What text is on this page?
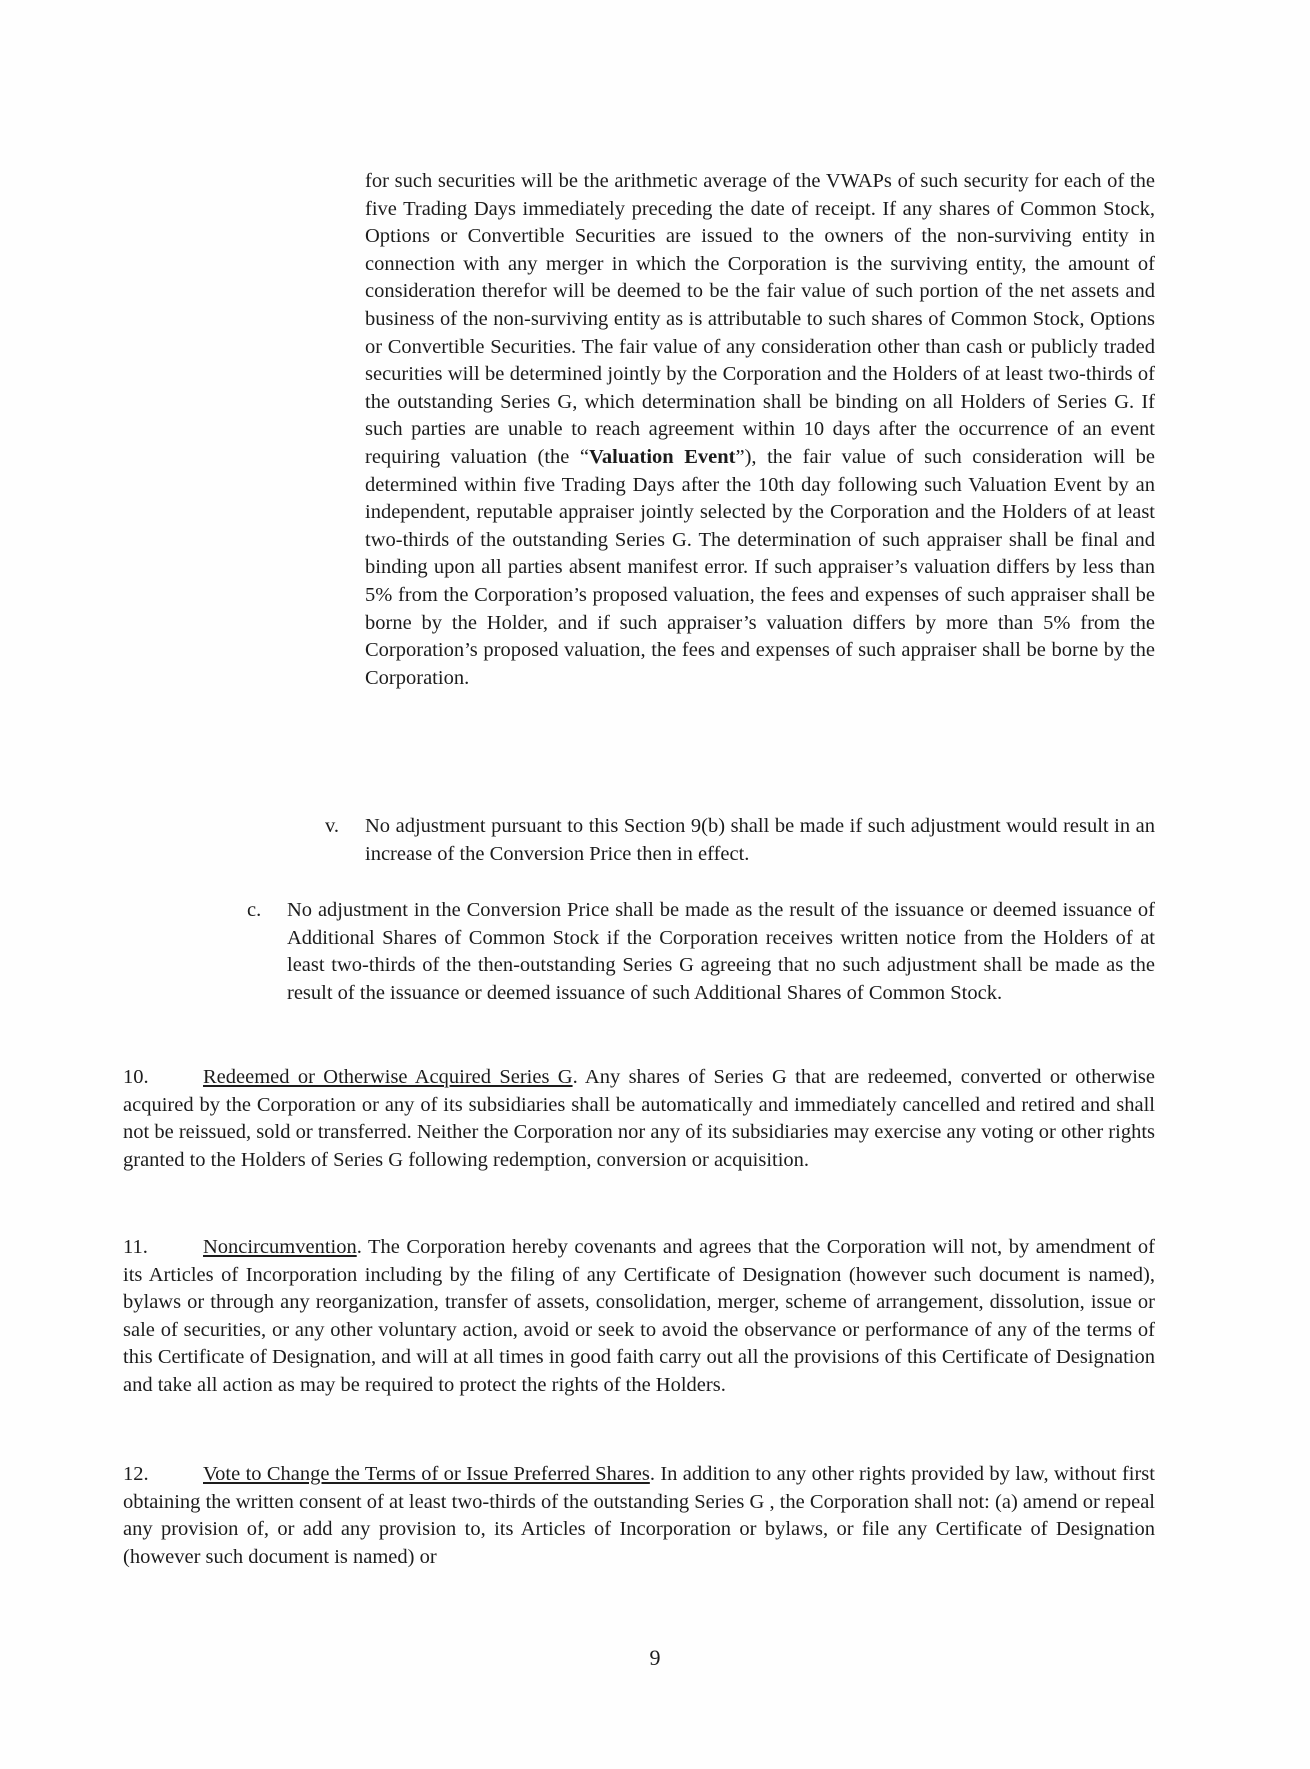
for such securities will be the arithmetic average of the VWAPs of such security for each of the five Trading Days immediately preceding the date of receipt. If any shares of Common Stock, Options or Convertible Securities are issued to the owners of the non-surviving entity in connection with any merger in which the Corporation is the surviving entity, the amount of consideration therefor will be deemed to be the fair value of such portion of the net assets and business of the non-surviving entity as is attributable to such shares of Common Stock, Options or Convertible Securities. The fair value of any consideration other than cash or publicly traded securities will be determined jointly by the Corporation and the Holders of at least two-thirds of the outstanding Series G, which determination shall be binding on all Holders of Series G. If such parties are unable to reach agreement within 10 days after the occurrence of an event requiring valuation (the “Valuation Event”), the fair value of such consideration will be determined within five Trading Days after the 10th day following such Valuation Event by an independent, reputable appraiser jointly selected by the Corporation and the Holders of at least two-thirds of the outstanding Series G. The determination of such appraiser shall be final and binding upon all parties absent manifest error. If such appraiser’s valuation differs by less than 5% from the Corporation’s proposed valuation, the fees and expenses of such appraiser shall be borne by the Holder, and if such appraiser’s valuation differs by more than 5% from the Corporation’s proposed valuation, the fees and expenses of such appraiser shall be borne by the Corporation.

v. No adjustment pursuant to this Section 9(b) shall be made if such adjustment would result in an increase of the Conversion Price then in effect.

c. No adjustment in the Conversion Price shall be made as the result of the issuance or deemed issuance of Additional Shares of Common Stock if the Corporation receives written notice from the Holders of at least two-thirds of the then-outstanding Series G agreeing that no such adjustment shall be made as the result of the issuance or deemed issuance of such Additional Shares of Common Stock.

10.	Redeemed or Otherwise Acquired Series G. Any shares of Series G that are redeemed, converted or otherwise acquired by the Corporation or any of its subsidiaries shall be automatically and immediately cancelled and retired and shall not be reissued, sold or transferred. Neither the Corporation nor any of its subsidiaries may exercise any voting or other rights granted to the Holders of Series G following redemption, conversion or acquisition.

11.	Noncircumvention. The Corporation hereby covenants and agrees that the Corporation will not, by amendment of its Articles of Incorporation including by the filing of any Certificate of Designation (however such document is named), bylaws or through any reorganization, transfer of assets, consolidation, merger, scheme of arrangement, dissolution, issue or sale of securities, or any other voluntary action, avoid or seek to avoid the observance or performance of any of the terms of this Certificate of Designation, and will at all times in good faith carry out all the provisions of this Certificate of Designation and take all action as may be required to protect the rights of the Holders.

12.	Vote to Change the Terms of or Issue Preferred Shares. In addition to any other rights provided by law, without first obtaining the written consent of at least two-thirds of the outstanding Series G , the Corporation shall not: (a) amend or repeal any provision of, or add any provision to, its Articles of Incorporation or bylaws, or file any Certificate of Designation (however such document is named) or

9
